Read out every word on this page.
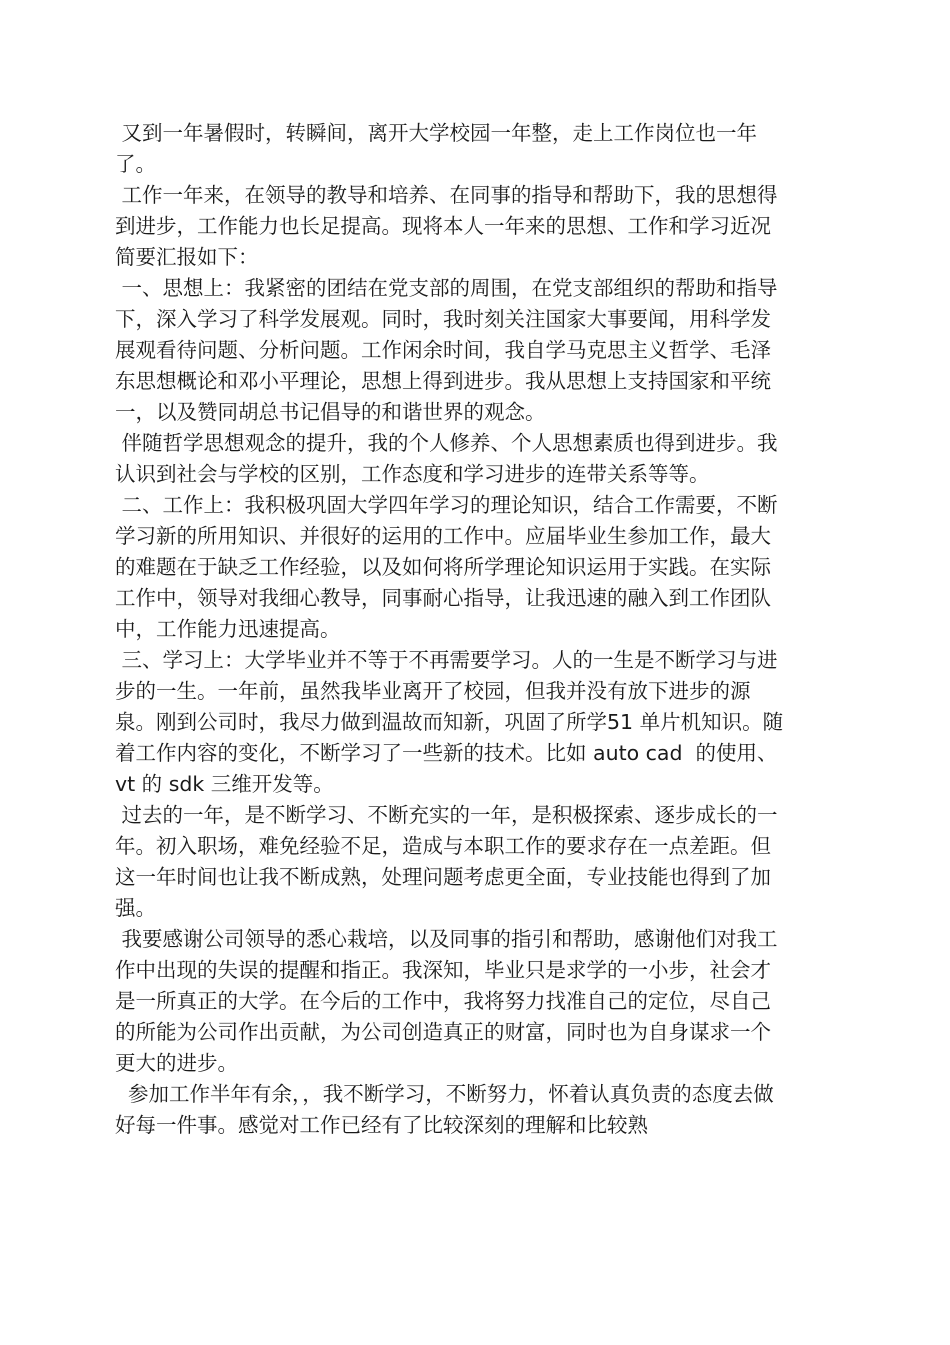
又到一年暑假时，转瞬间，离开大学校园一年整，走上工作岗位也一年了。

工作一年来，在领导的教导和培养、在同事的指导和帮助下，我的思想得到进步，工作能力也长足提高。现将本人一年来的思想、工作和学习近况简要汇报如下：

一、思想上：我紧密的团结在党支部的周围，在党支部组织的帮助和指导下，深入学习了科学发展观。同时，我时刻关注国家大事要闻，用科学发展观看待问题、分析问题。工作闲余时间，我自学马克思主义哲学、毛泽东思想概论和邓小平理论，思想上得到进步。我从思想上支持国家和平统一，以及赞同胡总书记倡导的和谐世界的观念。

伴随哲学思想观念的提升，我的个人修养、个人思想素质也得到进步。我认识到社会与学校的区别，工作态度和学习进步的连带关系等等。

二、工作上：我积极巩固大学四年学习的理论知识，结合工作需要，不断学习新的所用知识、并很好的运用的工作中。应届毕业生参加工作，最大的难题在于缺乏工作经验，以及如何将所学理论知识运用于实践。在实际工作中，领导对我细心教导，同事耐心指导，让我迅速的融入到工作团队中，工作能力迅速提高。

三、学习上：大学毕业并不等于不再需要学习。人的一生是不断学习与进步的一生。一年前，虽然我毕业离开了校园，但我并没有放下进步的源泉。刚到公司时，我尽力做到温故而知新，巩固了所学51 单片机知识。随着工作内容的变化，不断学习了一些新的技术。比如 auto cad  的使用、 vt 的 sdk 三维开发等。

过去的一年，是不断学习、不断充实的一年，是积极探索、逐步成长的一年。初入职场，难免经验不足，造成与本职工作的要求存在一点差距。但这一年时间也让我不断成熟，处理问题考虑更全面，专业技能也得到了加强。

我要感谢公司领导的悉心栽培，以及同事的指引和帮助，感谢他们对我工作中出现的失误的提醒和指正。我深知，毕业只是求学的一小步，社会才是一所真正的大学。在今后的工作中，我将努力找准自己的定位，尽自己的所能为公司作出贡献，为公司创造真正的财富，同时也为自身谋求一个更大的进步。

参加工作半年有余，，我不断学习，不断努力，怀着认真负责的态度去做好每一件事。感觉对工作已经有了比较深刻的理解和比较熟
